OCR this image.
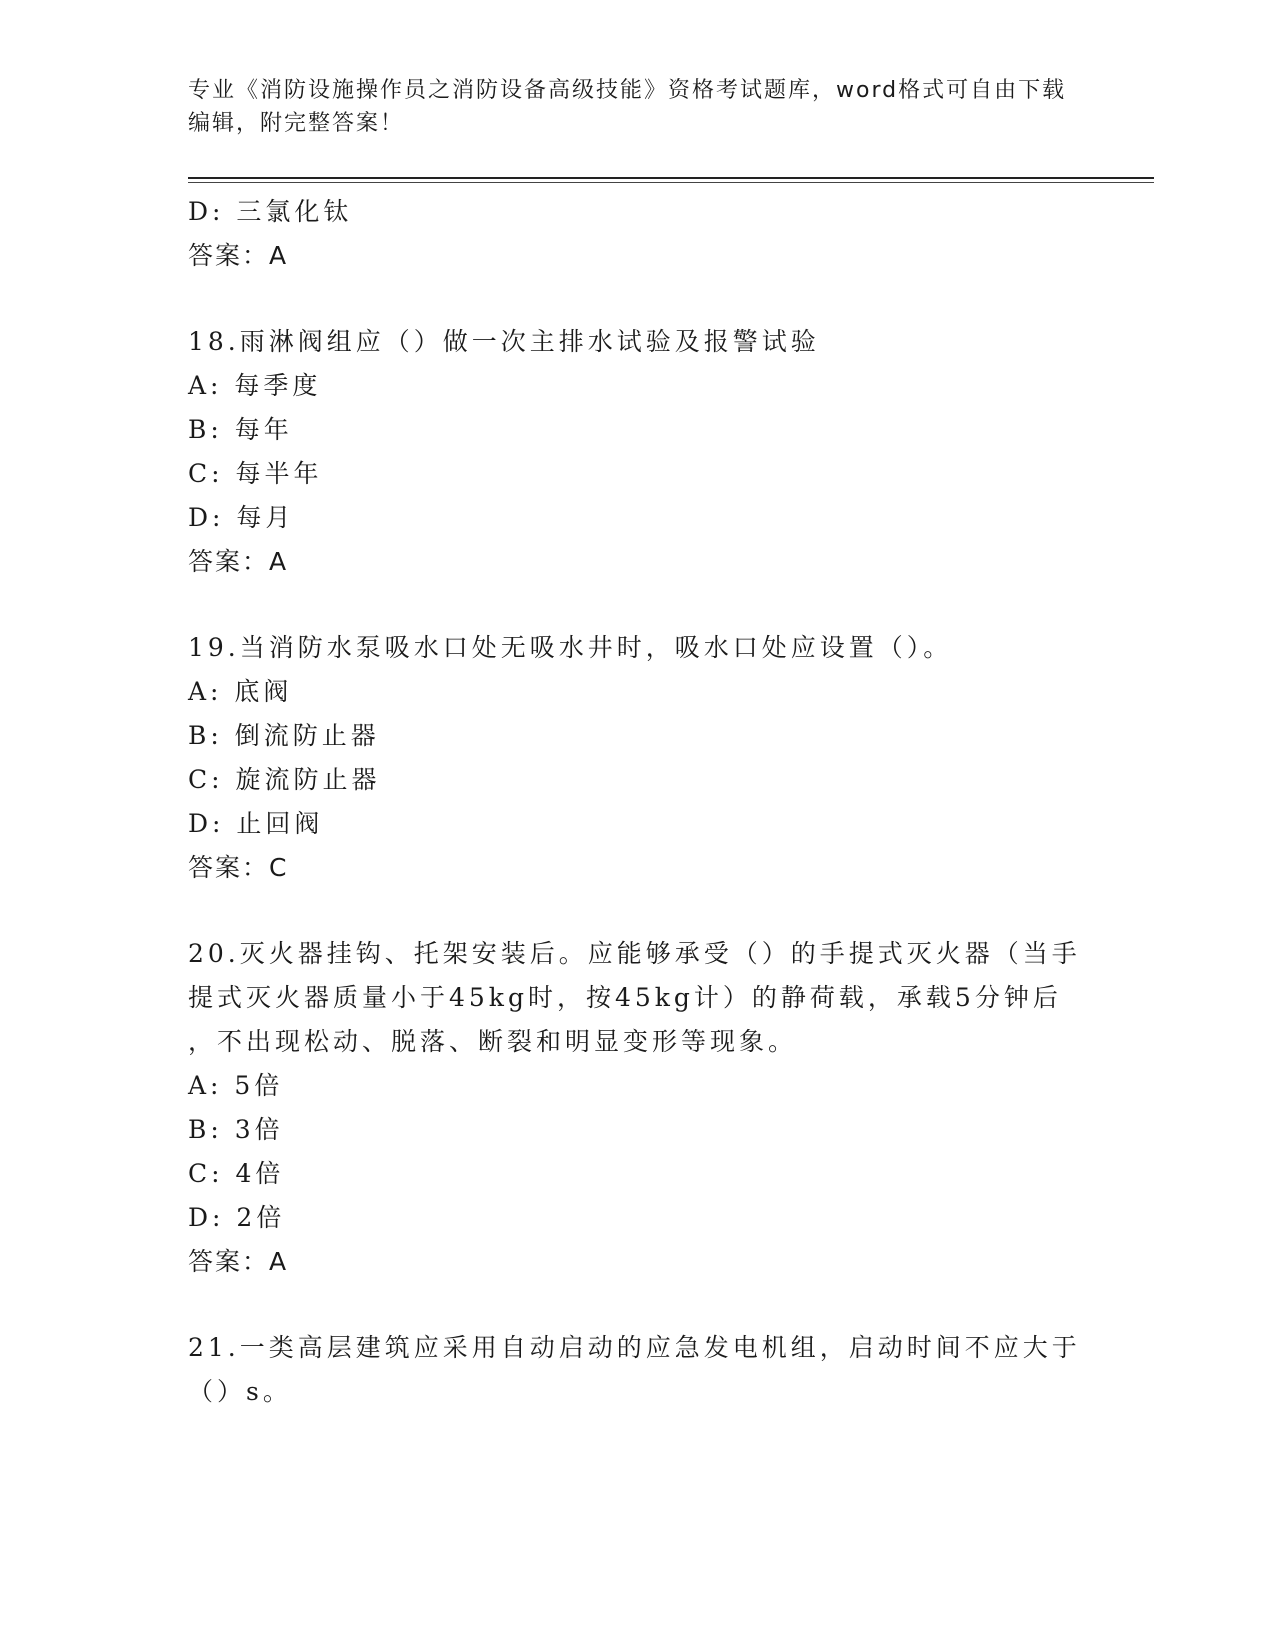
专业《消防设施操作员之消防设备高级技能》资格考试题库，word格式可自由下载编辑，附完整答案！
D: 三氯化钛
答案：A
18.雨淋阀组应（）做一次主排水试验及报警试验
A: 每季度
B: 每年
C: 每半年
D: 每月
答案：A
19.当消防水泵吸水口处无吸水井时，吸水口处应设置（）。
A: 底阀
B: 倒流防止器
C: 旋流防止器
D: 止回阀
答案：C
20.灭火器挂钩、托架安装后。应能够承受（）的手提式灭火器（当手
提式灭火器质量小于45kg时，按45kg计）的静荷载，承载5分钟后
，不出现松动、脱落、断裂和明显变形等现象。
A: 5倍
B: 3倍
C: 4倍
D: 2倍
答案：A
21.一类高层建筑应采用自动启动的应急发电机组，启动时间不应大于
（）s。
